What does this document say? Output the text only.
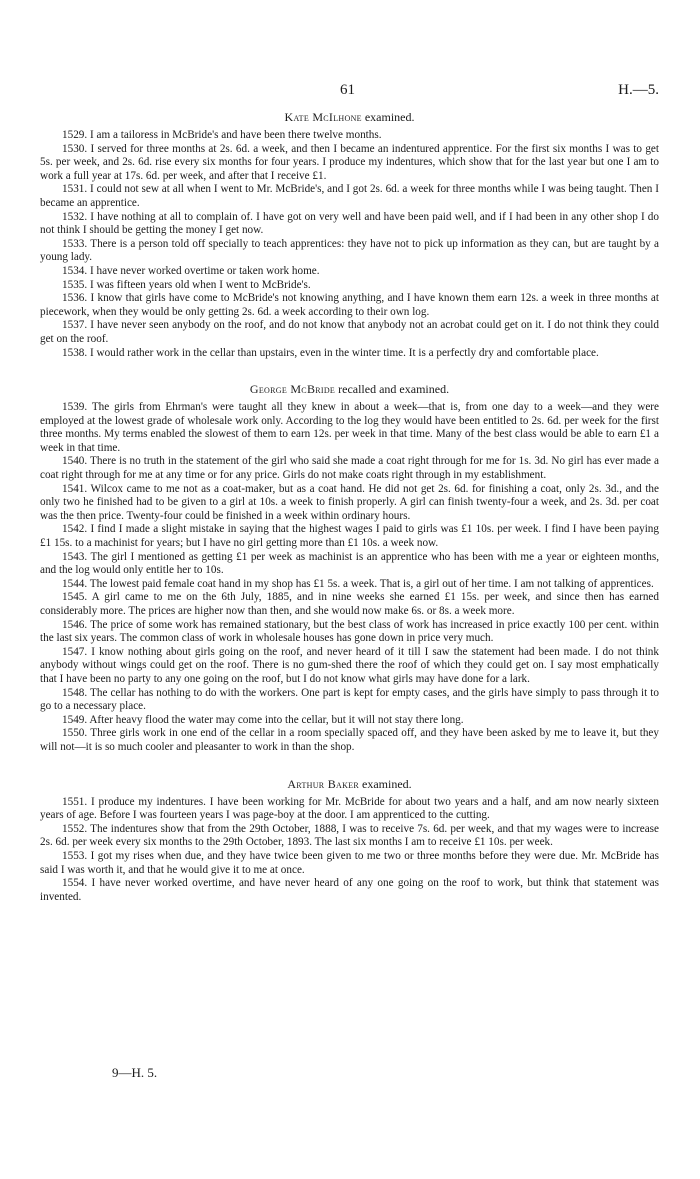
61	H.—5.
Kate McIlhone examined.

1529. I am a tailoress in McBride's and have been there twelve months.

1530. I served for three months at 2s. 6d. a week, and then I became an indentured apprentice. For the first six months I was to get 5s. per week, and 2s. 6d. rise every six months for four years. I produce my indentures, which show that for the last year but one I am to work a full year at 17s. 6d. per week, and after that I receive £1.

1531. I could not sew at all when I went to Mr. McBride's, and I got 2s. 6d. a week for three months while I was being taught. Then I became an apprentice.

1532. I have nothing at all to complain of. I have got on very well and have been paid well, and if I had been in any other shop I do not think I should be getting the money I get now.

1533. There is a person told off specially to teach apprentices: they have not to pick up information as they can, but are taught by a young lady.

1534. I have never worked overtime or taken work home.

1535. I was fifteen years old when I went to McBride's.

1536. I know that girls have come to McBride's not knowing anything, and I have known them earn 12s. a week in three months at piecework, when they would be only getting 2s. 6d. a week according to their own log.

1537. I have never seen anybody on the roof, and do not know that anybody not an acrobat could get on it. I do not think they could get on the roof.

1538. I would rather work in the cellar than upstairs, even in the winter time. It is a perfectly dry and comfortable place.

George McBride recalled and examined.

1539. The girls from Ehrman's were taught all they knew in about a week—that is, from one day to a week—and they were employed at the lowest grade of wholesale work only. According to the log they would have been entitled to 2s. 6d. per week for the first three months. My terms enabled the slowest of them to earn 12s. per week in that time. Many of the best class would be able to earn £1 a week in that time.

1540. There is no truth in the statement of the girl who said she made a coat right through for me for 1s. 3d. No girl has ever made a coat right through for me at any time or for any price. Girls do not make coats right through in my establishment.

1541. Wilcox came to me not as a coat-maker, but as a coat hand. He did not get 2s. 6d. for finishing a coat, only 2s. 3d., and the only two he finished had to be given to a girl at 10s. a week to finish properly. A girl can finish twenty-four a week, and 2s. 3d. per coat was the then price. Twenty-four could be finished in a week within ordinary hours.

1542. I find I made a slight mistake in saying that the highest wages I paid to girls was £1 10s. per week. I find I have been paying £1 15s. to a machinist for years; but I have no girl getting more than £1 10s. a week now.

1543. The girl I mentioned as getting £1 per week as machinist is an apprentice who has been with me a year or eighteen months, and the log would only entitle her to 10s.

1544. The lowest paid female coat hand in my shop has £1 5s. a week. That is, a girl out of her time. I am not talking of apprentices.

1545. A girl came to me on the 6th July, 1885, and in nine weeks she earned £1 15s. per week, and since then has earned considerably more. The prices are higher now than then, and she would now make 6s. or 8s. a week more.

1546. The price of some work has remained stationary, but the best class of work has increased in price exactly 100 per cent. within the last six years. The common class of work in wholesale houses has gone down in price very much.

1547. I know nothing about girls going on the roof, and never heard of it till I saw the statement had been made. I do not think anybody without wings could get on the roof. There is no gum-shed there the roof of which they could get on. I say most emphatically that I have been no party to any one going on the roof, but I do not know what girls may have done for a lark.

1548. The cellar has nothing to do with the workers. One part is kept for empty cases, and the girls have simply to pass through it to go to a necessary place.

1549. After heavy flood the water may come into the cellar, but it will not stay there long.

1550. Three girls work in one end of the cellar in a room specially spaced off, and they have been asked by me to leave it, but they will not—it is so much cooler and pleasanter to work in than the shop.

Arthur Baker examined.

1551. I produce my indentures. I have been working for Mr. McBride for about two years and a half, and am now nearly sixteen years of age. Before I was fourteen years I was page-boy at the door. I am apprenticed to the cutting.

1552. The indentures show that from the 29th October, 1888, I was to receive 7s. 6d. per week, and that my wages were to increase 2s. 6d. per week every six months to the 29th October, 1893. The last six months I am to receive £1 10s. per week.

1553. I got my rises when due, and they have twice been given to me two or three months before they were due. Mr. McBride has said I was worth it, and that he would give it to me at once.

1554. I have never worked overtime, and have never heard of any one going on the roof to work, but think that statement was invented.

9—H. 5.
